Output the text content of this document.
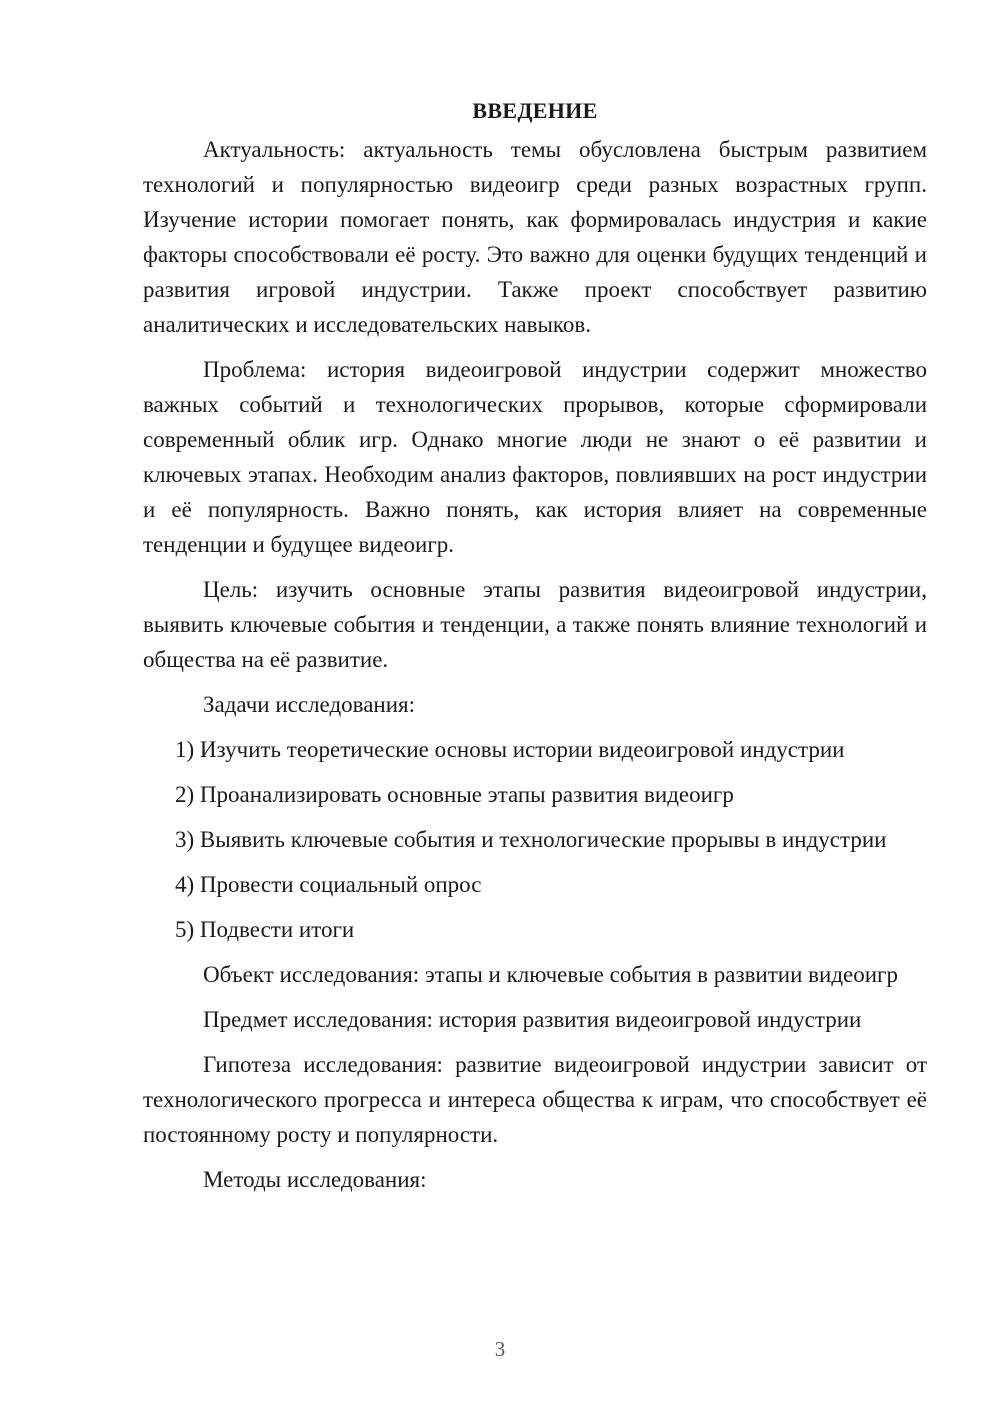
ВВЕДЕНИЕ

Актуальность: актуальность темы обусловлена быстрым развитием технологий и популярностью видеоигр среди разных возрастных групп. Изучение истории помогает понять, как формировалась индустрия и какие факторы способствовали её росту. Это важно для оценки будущих тенденций и развития игровой индустрии. Также проект способствует развитию аналитических и исследовательских навыков.

Проблема: история видеоигровой индустрии содержит множество важных событий и технологических прорывов, которые сформировали современный облик игр. Однако многие люди не знают о её развитии и ключевых этапах. Необходим анализ факторов, повлиявших на рост индустрии и её популярность. Важно понять, как история влияет на современные тенденции и будущее видеоигр.

Цель: изучить основные этапы развития видеоигровой индустрии, выявить ключевые события и тенденции, а также понять влияние технологий и общества на её развитие.

Задачи исследования:

1) Изучить теоретические основы истории видеоигровой индустрии

2) Проанализировать основные этапы развития видеоигр

3) Выявить ключевые события и технологические прорывы в индустрии

4) Провести социальный опрос

5) Подвести итоги

Объект исследования: этапы и ключевые события в развитии видеоигр

Предмет исследования: история развития видеоигровой индустрии

Гипотеза исследования: развитие видеоигровой индустрии зависит от технологического прогресса и интереса общества к играм, что способствует её постоянному росту и популярности.

Методы исследования:

3
